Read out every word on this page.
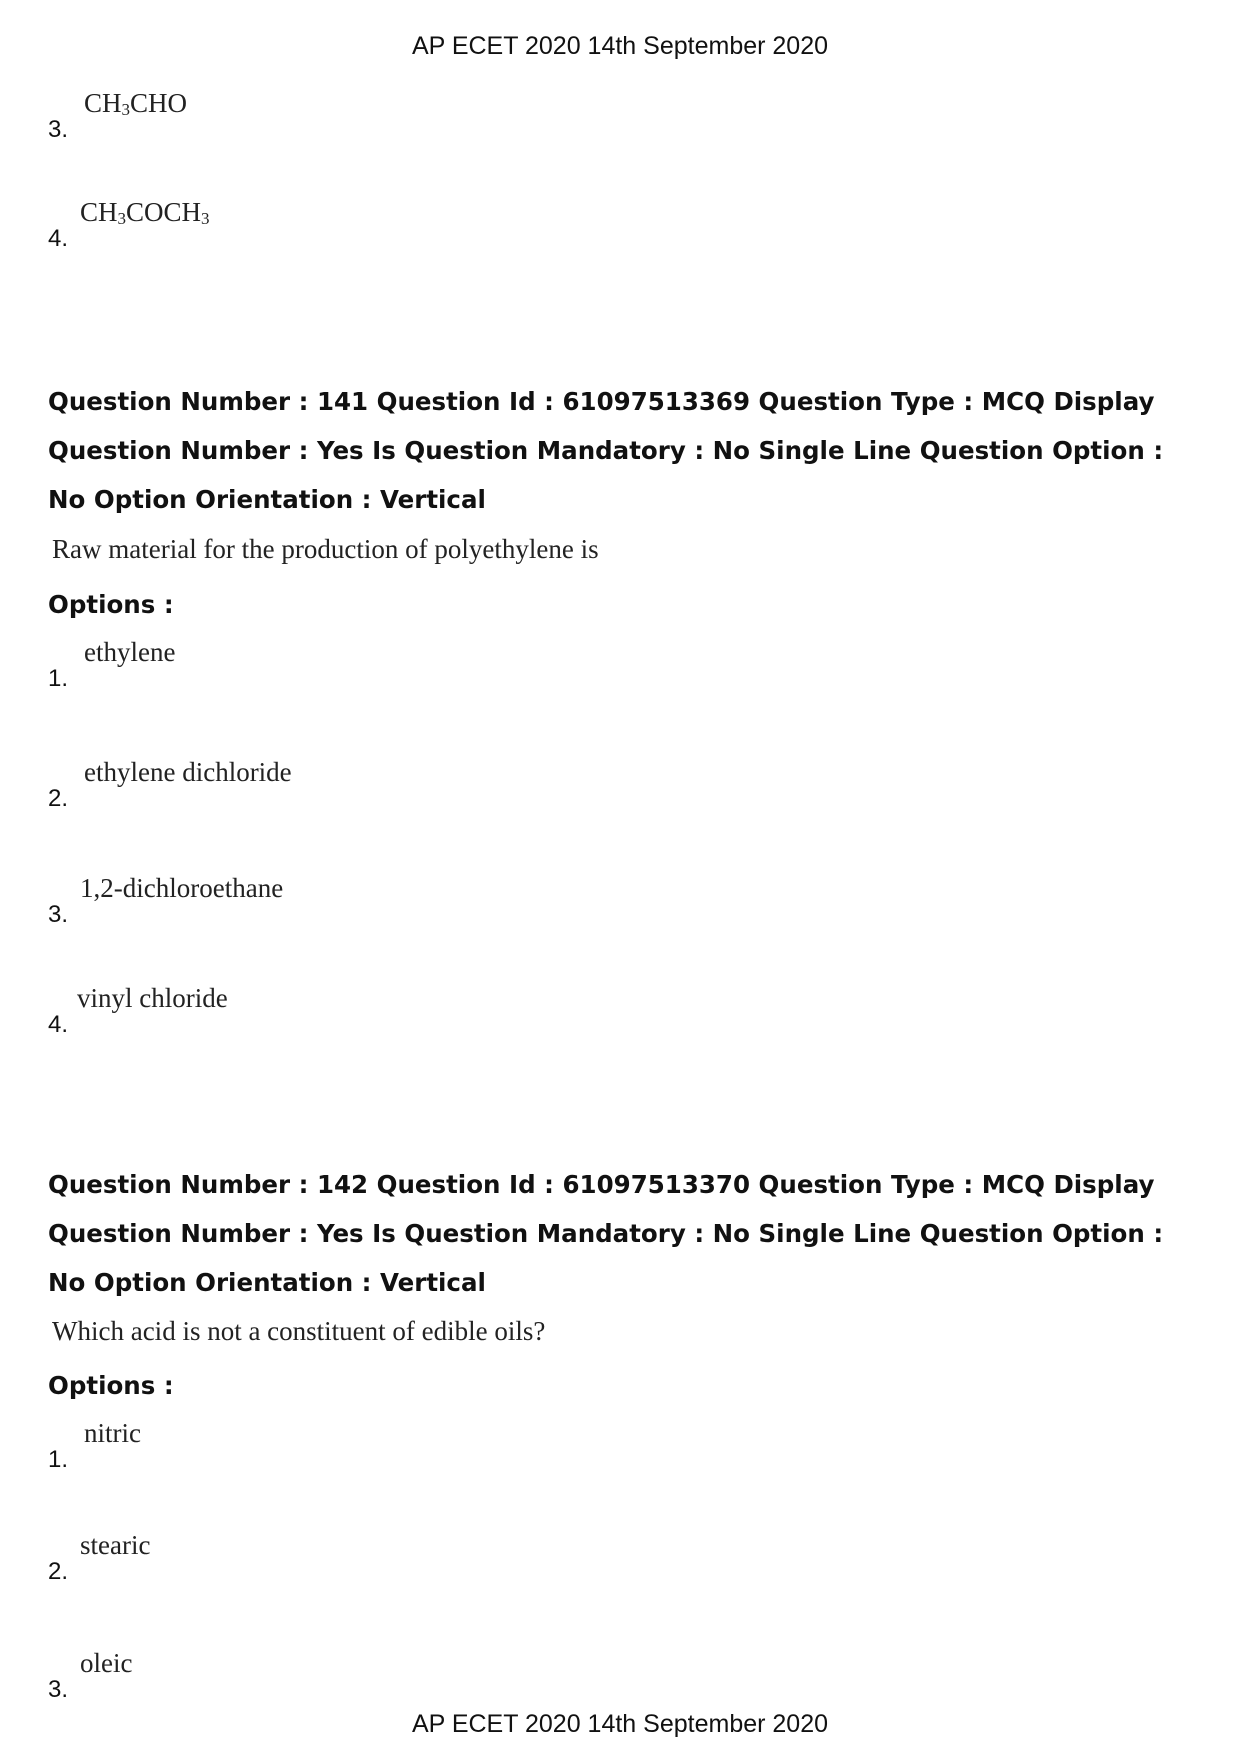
AP ECET 2020 14th September 2020
3.
$CH_3CHO$
4.
$CH_3COCH_3$
Question Number : 141 Question Id : 61097513369 Question Type : MCQ Display Question Number : Yes Is Question Mandatory : No Single Line Question Option : No Option Orientation : Vertical
Raw material for the production of polyethylene is
Options :
1.
ethylene
2.
ethylene dichloride
3.
1,2-dichloroethane
4.
vinyl chloride
Question Number : 142 Question Id : 61097513370 Question Type : MCQ Display Question Number : Yes Is Question Mandatory : No Single Line Question Option : No Option Orientation : Vertical
Which acid is not a constituent of edible oils?
Options :
1.
nitric
2.
stearic
3.
oleic
AP ECET 2020 14th September 2020
